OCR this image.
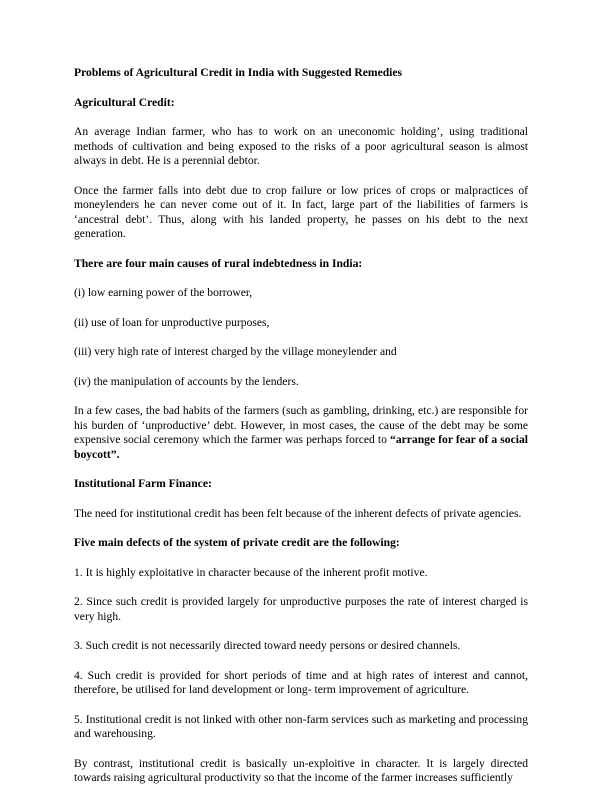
Problems of Agricultural Credit in India with Suggested Remedies

Agricultural Credit:

An average Indian farmer, who has to work on an uneconomic holding’, using traditional methods of cultivation and being exposed to the risks of a poor agricultural season is almost always in debt. He is a perennial debtor.

Once the farmer falls into debt due to crop failure or low prices of crops or malpractices of moneylenders he can never come out of it. In fact, large part of the liabilities of farmers is ‘ancestral debt’. Thus, along with his landed property, he passes on his debt to the next generation.

There are four main causes of rural indebtedness in India:

(i) low earning power of the borrower,

(ii) use of loan for unproductive purposes,

(iii) very high rate of interest charged by the village moneylender and

(iv) the manipulation of accounts by the lenders.

In a few cases, the bad habits of the farmers (such as gambling, drinking, etc.) are responsible for his burden of ‘unproductive’ debt. However, in most cases, the cause of the debt may be some expensive social ceremony which the farmer was perhaps forced to “arrange for fear of a social boycott”.

Institutional Farm Finance:

The need for institutional credit has been felt because of the inherent defects of private agencies.

Five main defects of the system of private credit are the following:

1. It is highly exploitative in character because of the inherent profit motive.

2. Since such credit is provided largely for unproductive purposes the rate of interest charged is very high.

3. Such credit is not necessarily directed toward needy persons or desired channels.

4. Such credit is provided for short periods of time and at high rates of interest and cannot, therefore, be utilised for land development or long- term improvement of agriculture.

5. Institutional credit is not linked with other non-farm services such as marketing and processing and warehousing.

By contrast, institutional credit is basically un-exploitive in character. It is largely directed towards raising agricultural productivity so that the income of the farmer increases sufficiently
